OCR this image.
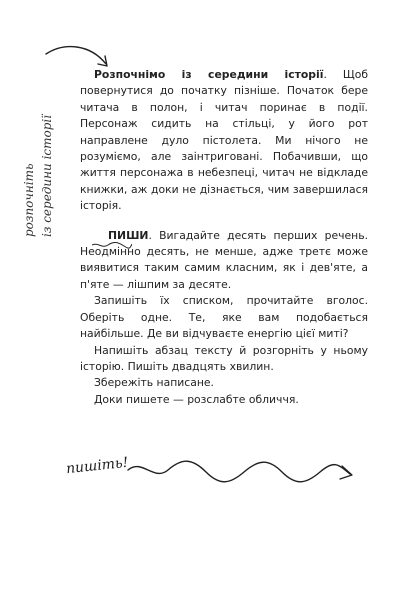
розпочніть із середини історії

Розпочнімо із середини історії. Щоб повернутися до початку пізніше. Початок бере читача в полон, і читач поринає в події. Персонаж сидить на стільці, у його рот направлене дуло пістолета. Ми нічого не розуміємо, але заінтриговані. Побачивши, що життя персонажа в небезпеці, читач не відкладе книжки, аж доки не дізнається, чим завершилася історія.

ПИШИ
. Вигадайте десять перших речень. Неодмінно десять, не менше, адже третє може виявитися таким самим класним, як і дев'яте, а п'яте — лішпим за десяте.

Запишіть їх списком, прочитайте вголос. Оберіть одне. Те, яке вам подобається найбільше. Де ви відчуваєте енергію цієї миті?

Напишіть абзац тексту й розгорніть у ньому історію. Пишіть двадцять хвилин.

Збережіть написане.

Доки пишете — розслабте обличчя.

пишіть!
